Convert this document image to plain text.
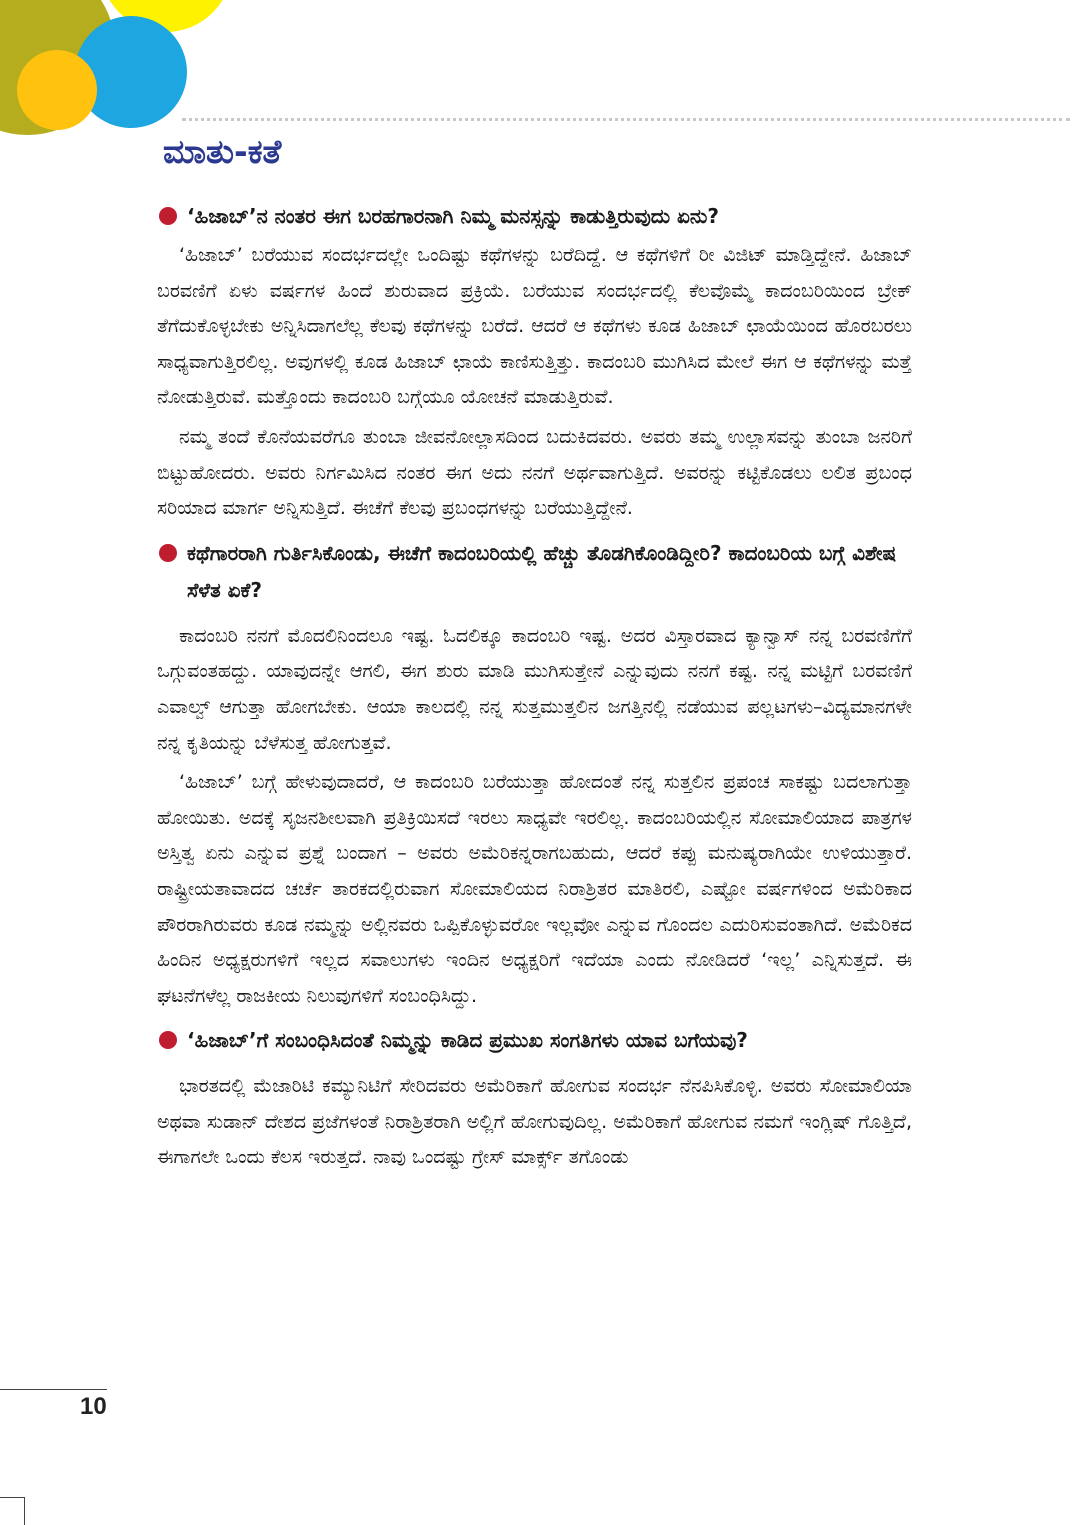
ಮಾತು-ಕತೆ

‘ಹಿಜಾಬ್’ನ ನಂತರ ಈಗ ಬರಹಗಾರನಾಗಿ ನಿಮ್ಮ ಮನಸ್ಸನ್ನು ಕಾಡುತ್ತಿರುವುದು ಏನು?

‘ಹಿಜಾಬ್’ ಬರೆಯುವ ಸಂದರ್ಭದಲ್ಲೇ ಒಂದಿಷ್ಟು ಕಥೆಗಳನ್ನು ಬರೆದಿದ್ದೆ. ಆ ಕಥೆಗಳಿಗೆ ರೀ ವಿಜಿಟ್ ಮಾಡ್ತಿದ್ದೇನೆ. ಹಿಜಾಬ್ ಬರವಣಿಗೆ ಏಳು ವರ್ಷಗಳ ಹಿಂದೆ ಶುರುವಾದ ಪ್ರಕ್ರಿಯೆ. ಬರೆಯುವ ಸಂದರ್ಭದಲ್ಲಿ ಕೆಲವೊಮ್ಮೆ ಕಾದಂಬರಿಯಿಂದ ಬ್ರೇಕ್ ತೆಗೆದುಕೊಳ್ಳಬೇಕು ಅನ್ನಿಸಿದಾಗಲೆಲ್ಲ ಕೆಲವು ಕಥೆಗಳನ್ನು ಬರೆದೆ. ಆದರೆ ಆ ಕಥೆಗಳು ಕೂಡ ಹಿಜಾಬ್ ಛಾಯೆಯಿಂದ ಹೊರಬರಲು ಸಾಧ್ಯವಾಗುತ್ತಿರಲಿಲ್ಲ. ಅವುಗಳಲ್ಲಿ ಕೂಡ ಹಿಜಾಬ್ ಛಾಯೆ ಕಾಣಿಸುತ್ತಿತ್ತು. ಕಾದಂಬರಿ ಮುಗಿಸಿದ ಮೇಲೆ ಈಗ ಆ ಕಥೆಗಳನ್ನು ಮತ್ತೆ ನೋಡುತ್ತಿರುವೆ. ಮತ್ತೊಂದು ಕಾದಂಬರಿ ಬಗ್ಗೆಯೂ ಯೋಚನೆ ಮಾಡುತ್ತಿರುವೆ.

ನಮ್ಮ ತಂದೆ ಕೊನೆಯವರೆಗೂ ತುಂಬಾ ಜೀವನೋಲ್ಲಾಸದಿಂದ ಬದುಕಿದವರು. ಅವರು ತಮ್ಮ ಉಲ್ಲಾಸವನ್ನು ತುಂಬಾ ಜನರಿಗೆ ಬಿಟ್ಟುಹೋದರು. ಅವರು ನಿರ್ಗಮಿಸಿದ ನಂತರ ಈಗ ಅದು ನನಗೆ ಅರ್ಥವಾಗುತ್ತಿದೆ. ಅವರನ್ನು ಕಟ್ಟಿಕೊಡಲು ಲಲಿತ ಪ್ರಬಂಧ ಸರಿಯಾದ ಮಾರ್ಗ ಅನ್ನಿಸುತ್ತಿದೆ. ಈಚೆಗೆ ಕೆಲವು ಪ್ರಬಂಧಗಳನ್ನು ಬರೆಯುತ್ತಿದ್ದೇನೆ.

ಕಥೆಗಾರರಾಗಿ ಗುರ್ತಿಸಿಕೊಂಡು, ಈಚೆಗೆ ಕಾದಂಬರಿಯಲ್ಲಿ ಹೆಚ್ಚು ತೊಡಗಿಕೊಂಡಿದ್ದೀರಿ? ಕಾದಂಬರಿಯ ಬಗ್ಗೆ ವಿಶೇಷ ಸೆಳೆತ ಏಕೆ?

ಕಾದಂಬರಿ ನನಗೆ ಮೊದಲಿನಿಂದಲೂ ಇಷ್ಟ. ಓದಲಿಕ್ಕೂ ಕಾದಂಬರಿ ಇಷ್ಟ. ಅದರ ವಿಸ್ತಾರವಾದ ಕ್ಯಾನ್ವಾಸ್ ನನ್ನ ಬರವಣಿಗೆಗೆ ಒಗ್ಗುವಂತಹದ್ದು. ಯಾವುದನ್ನೇ ಆಗಲಿ, ಈಗ ಶುರು ಮಾಡಿ ಮುಗಿಸುತ್ತೇನೆ ಎನ್ನುವುದು ನನಗೆ ಕಷ್ಟ. ನನ್ನ ಮಟ್ಟಿಗೆ ಬರವಣಿಗೆ ಎವಾಲ್ವ್ ಆಗುತ್ತಾ ಹೋಗಬೇಕು. ಆಯಾ ಕಾಲದಲ್ಲಿ ನನ್ನ ಸುತ್ತಮುತ್ತಲಿನ ಜಗತ್ತಿನಲ್ಲಿ ನಡೆಯುವ ಪಲ್ಲಟಗಳು–ವಿದ್ಯಮಾನಗಳೇ ನನ್ನ ಕೃತಿಯನ್ನು ಬೆಳೆಸುತ್ತ ಹೋಗುತ್ತವೆ.

‘ಹಿಜಾಬ್’ ಬಗ್ಗೆ ಹೇಳುವುದಾದರೆ, ಆ ಕಾದಂಬರಿ ಬರೆಯುತ್ತಾ ಹೋದಂತೆ ನನ್ನ ಸುತ್ತಲಿನ ಪ್ರಪಂಚ ಸಾಕಷ್ಟು ಬದಲಾಗುತ್ತಾ ಹೋಯಿತು. ಅದಕ್ಕೆ ಸೃಜನಶೀಲವಾಗಿ ಪ್ರತಿಕ್ರಿಯಿಸದೆ ಇರಲು ಸಾಧ್ಯವೇ ಇರಲಿಲ್ಲ. ಕಾದಂಬರಿಯಲ್ಲಿನ ಸೋಮಾಲಿಯಾದ ಪಾತ್ರಗಳ ಅಸ್ತಿತ್ವ ಏನು ಎನ್ನುವ ಪ್ರಶ್ನೆ ಬಂದಾಗ – ಅವರು ಅಮೆರಿಕನ್ನರಾಗಬಹುದು, ಆದರೆ ಕಪ್ಪು ಮನುಷ್ಯರಾಗಿಯೇ ಉಳಿಯುತ್ತಾರೆ. ರಾಷ್ಟ್ರೀಯತಾವಾದದ ಚರ್ಚೆ ತಾರಕದಲ್ಲಿರುವಾಗ ಸೋಮಾಲಿಯದ ನಿರಾಶ್ರಿತರ ಮಾತಿರಲಿ, ಎಷ್ಟೋ ವರ್ಷಗಳಿಂದ ಅಮೆರಿಕಾದ ಪೌರರಾಗಿರುವರು ಕೂಡ ನಮ್ಮನ್ನು ಅಲ್ಲಿನವರು ಒಪ್ಪಿಕೊಳ್ಳುವರೋ ಇಲ್ಲವೋ ಎನ್ನುವ ಗೊಂದಲ ಎದುರಿಸುವಂತಾಗಿದೆ. ಅಮೆರಿಕದ ಹಿಂದಿನ ಅಧ್ಯಕ್ಷರುಗಳಿಗೆ ಇಲ್ಲದ ಸವಾಲುಗಳು ಇಂದಿನ ಅಧ್ಯಕ್ಷರಿಗೆ ಇದೆಯಾ ಎಂದು ನೋಡಿದರೆ ‘ಇಲ್ಲ’ ಎನ್ನಿಸುತ್ತದೆ. ಈ ಘಟನೆಗಳೆಲ್ಲ ರಾಜಕೀಯ ನಿಲುವುಗಳಿಗೆ ಸಂಬಂಧಿಸಿದ್ದು.

‘ಹಿಜಾಬ್’ಗೆ ಸಂಬಂಧಿಸಿದಂತೆ ನಿಮ್ಮನ್ನು ಕಾಡಿದ ಪ್ರಮುಖ ಸಂಗತಿಗಳು ಯಾವ ಬಗೆಯವು?

ಭಾರತದಲ್ಲಿ ಮೆಜಾರಿಟಿ ಕಮ್ಯುನಿಟಿಗೆ ಸೇರಿದವರು ಅಮೆರಿಕಾಗೆ ಹೋಗುವ ಸಂದರ್ಭ ನೆನಪಿಸಿಕೊಳ್ಳಿ. ಅವರು ಸೋಮಾಲಿಯಾ ಅಥವಾ ಸುಡಾನ್ ದೇಶದ ಪ್ರಜೆಗಳಂತೆ ನಿರಾಶ್ರಿತರಾಗಿ ಅಲ್ಲಿಗೆ ಹೋಗುವುದಿಲ್ಲ. ಅಮೆರಿಕಾಗೆ ಹೋಗುವ ನಮಗೆ ಇಂಗ್ಲಿಷ್ ಗೊತ್ತಿದೆ, ಈಗಾಗಲೇ ಒಂದು ಕೆಲಸ ಇರುತ್ತದೆ. ನಾವು ಒಂದಷ್ಟು ಗ್ರೇಸ್ ಮಾರ್ಕ್ಸ್ ತಗೊಂಡು

10
